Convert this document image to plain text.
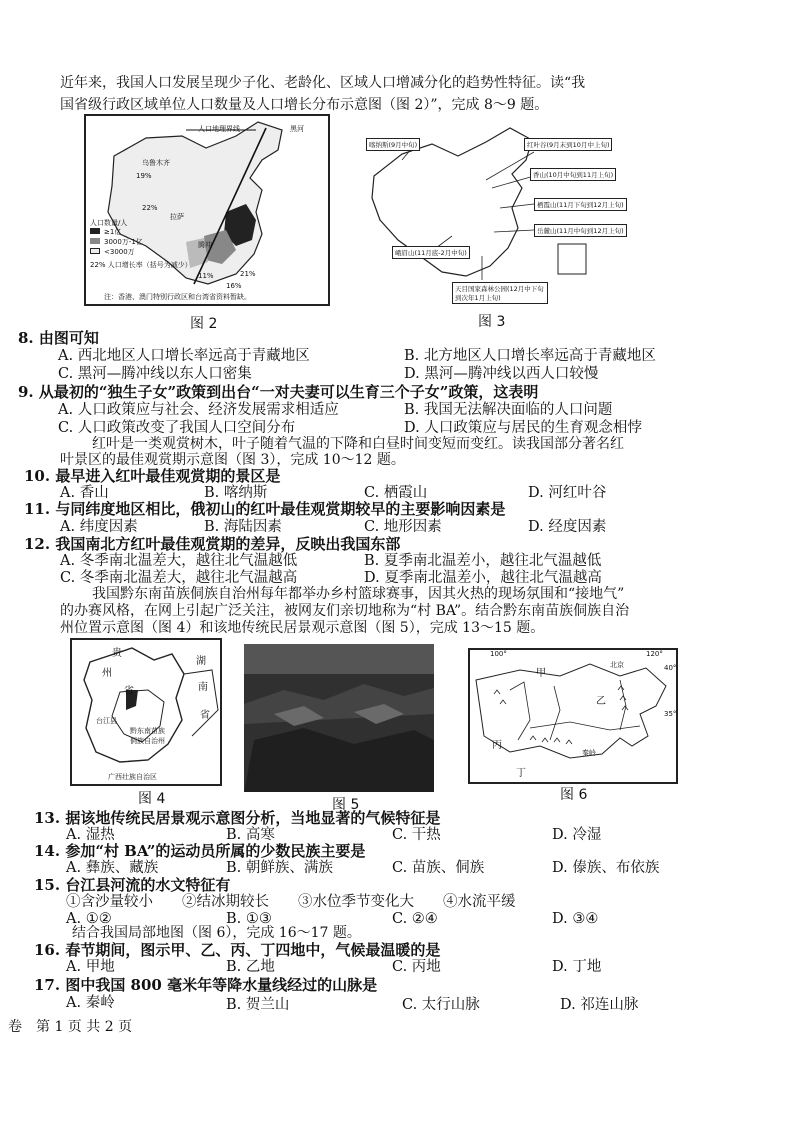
近年来，我国人口发展呈现少子化、老龄化、区域人口增减分化的趋势性特征。读“我
国省级行政区域单位人口数量及人口增长分布示意图（图 2）”，完成 8～9 题。
人口地理界线	黑河
乌鲁木齐
19%
22%
拉萨
11%	21%
16%
腾冲
人口数量/人
≥1亿
3000万-1亿
<3000万
22% 人口增长率（括号为减少）
注：香港、澳门特别行政区和台湾省资料暂缺。
图 2
喀纳斯(9月中旬)	红叶谷(9月末到10月中上旬)
香山(10月中旬到11月上旬)
栖霞山(11月下旬到12月上旬)
岳麓山(11月中旬到12月上旬)
峨眉山(11月底-2月中旬)
天目国家森林公园(12月中下旬到次年1月上旬)
图 3
8. 由图可知
A. 西北地区人口增长率远高于青藏地区	B. 北方地区人口增长率远高于青藏地区
C. 黑河—腾冲线以东人口密集	D. 黑河—腾冲线以西人口较慢
9. 从最初的“独生子女”政策到出台“一对夫妻可以生育三个子女”政策，这表明
A. 人口政策应与社会、经济发展需求相适应	B. 我国无法解决面临的人口问题
C. 人口政策改变了我国人口空间分布	D. 人口政策应与居民的生育观念相悖
红叶是一类观赏树木，叶子随着气温的下降和白昼时间变短而变红。读我国部分著名红
叶景区的最佳观赏期示意图（图 3），完成 10～12 题。
10. 最早进入红叶最佳观赏期的景区是
A. 香山	B. 喀纳斯	C. 栖霞山	D. 河红叶谷
11. 与同纬度地区相比，俄初山的红叶最佳观赏期较早的主要影响因素是
A. 纬度因素	B. 海陆因素	C. 地形因素	D. 经度因素
12. 我国南北方红叶最佳观赏期的差异，反映出我国东部
A. 冬季南北温差大，越往北气温越低	B. 夏季南北温差小，越往北气温越低
C. 冬季南北温差大，越往北气温越高	D. 夏季南北温差小，越往北气温越高
我国黔东南苗族侗族自治州每年都举办乡村篮球赛事，因其火热的现场氛围和“接地气”
的办赛风格，在网上引起广泛关注，被网友们亲切地称为“村 BA”。结合黔东南苗族侗族自治
州位置示意图（图 4）和该地传统民居景观示意图（图 5），完成 13～15 题。
贵
州
省
湖
南
省
台江县
黔东南苗族
侗族自治州
广西壮族自治区
图 4	图 5
100°	120°
40°
35°
北京
甲
乙
丙
丁
秦岭
图 6
13. 据该地传统民居景观示意图分析，当地显著的气候特征是
A. 湿热	B. 高寒	C. 干热	D. 冷湿
14. 参加“村 BA”的运动员所属的少数民族主要是
A. 彝族、藏族	B. 朝鲜族、满族	C. 苗族、侗族	D. 傣族、布依族
15. 台江县河流的水文特征有
①含沙量较小　　②结冰期较长　　③水位季节变化大　　④水流平缓
A. ①②	B. ①③	C. ②④	D. ③④
结合我国局部地图（图 6），完成 16～17 题。
16. 春节期间，图示甲、乙、丙、丁四地中，气候最温暖的是
A. 甲地	B. 乙地	C. 丙地	D. 丁地
17. 图中我国 800 毫米年等降水量线经过的山脉是
A. 秦岭	B. 贺兰山	C. 太行山脉	D. 祁连山脉
卷　第 1 页 共 2 页
